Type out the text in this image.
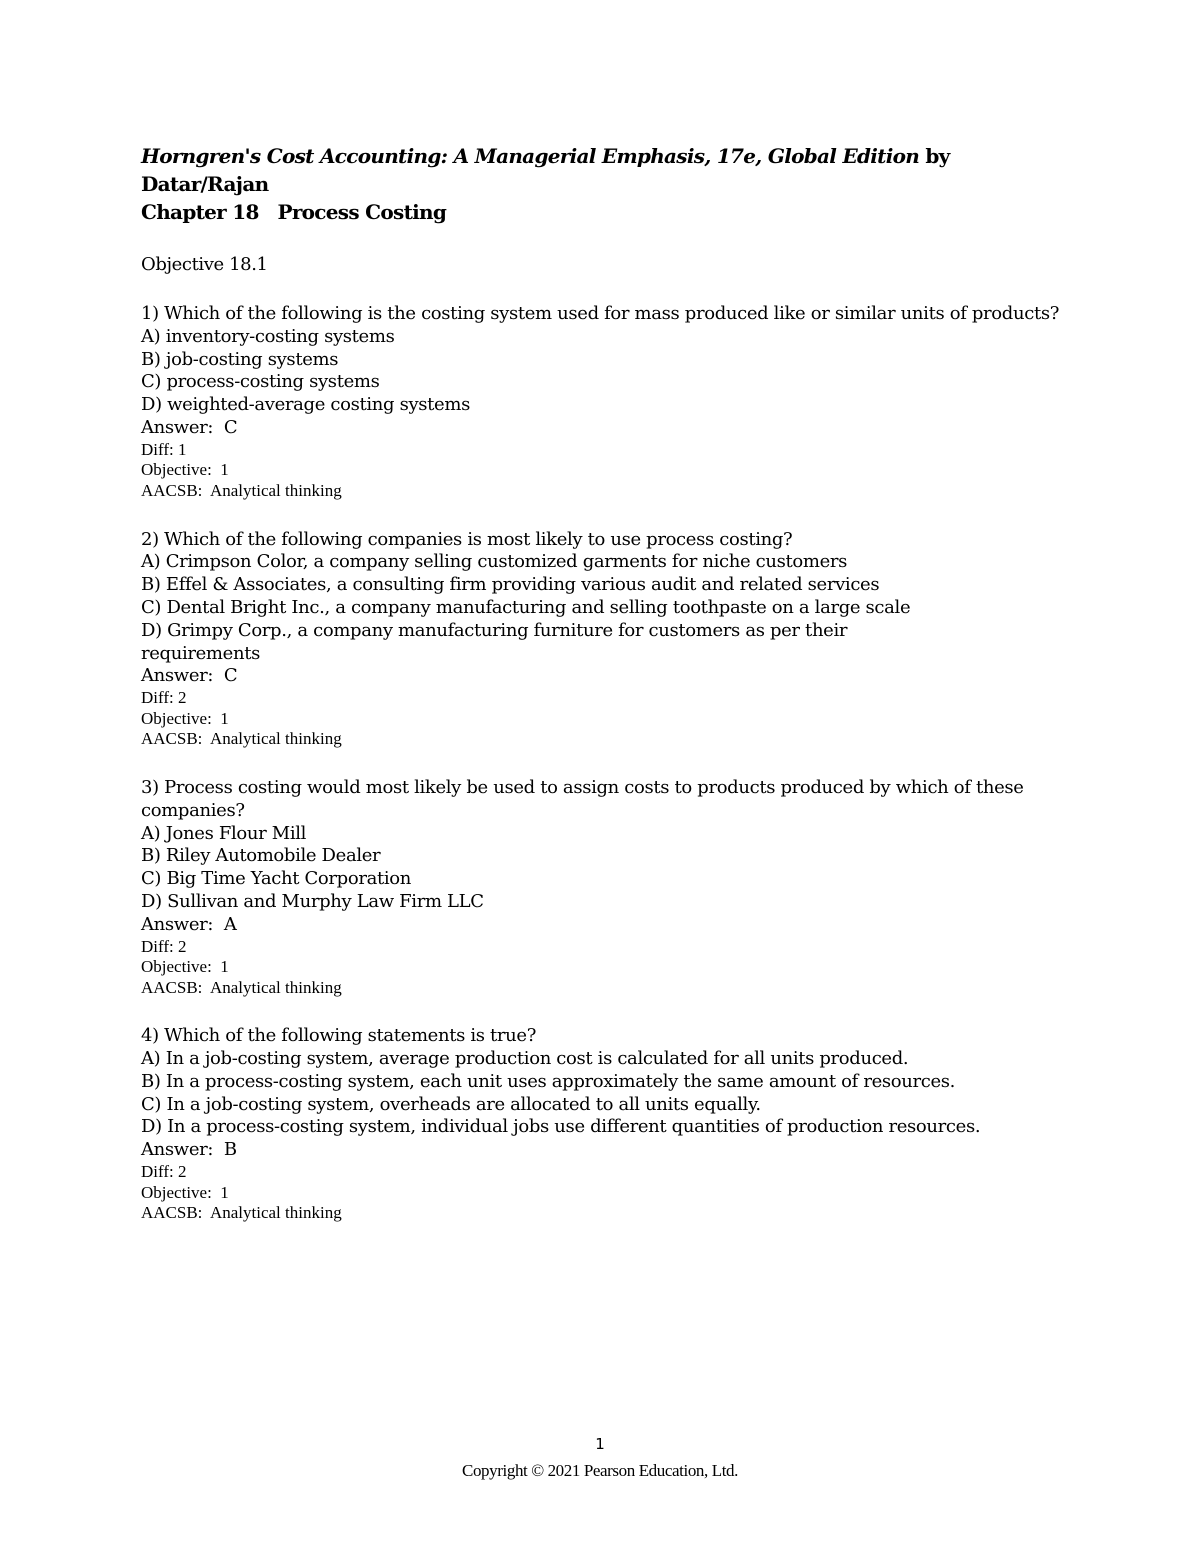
Horngren's Cost Accounting: A Managerial Emphasis, 17e, Global Edition by Datar/Rajan
Chapter 18   Process Costing
Objective 18.1
1) Which of the following is the costing system used for mass produced like or similar units of products?
A) inventory-costing systems
B) job-costing systems
C) process-costing systems
D) weighted-average costing systems
Answer:  C
Diff: 1
Objective:  1
AACSB:  Analytical thinking
2) Which of the following companies is most likely to use process costing?
A) Crimpson Color, a company selling customized garments for niche customers
B) Effel & Associates, a consulting firm providing various audit and related services
C) Dental Bright Inc., a company manufacturing and selling toothpaste on a large scale
D) Grimpy Corp., a company manufacturing furniture for customers as per their requirements
Answer:  C
Diff: 2
Objective:  1
AACSB:  Analytical thinking
3) Process costing would most likely be used to assign costs to products produced by which of these companies?
A) Jones Flour Mill
B) Riley Automobile Dealer
C) Big Time Yacht Corporation
D) Sullivan and Murphy Law Firm LLC
Answer:  A
Diff: 2
Objective:  1
AACSB:  Analytical thinking
4) Which of the following statements is true?
A) In a job-costing system, average production cost is calculated for all units produced.
B) In a process-costing system, each unit uses approximately the same amount of resources.
C) In a job-costing system, overheads are allocated to all units equally.
D) In a process-costing system, individual jobs use different quantities of production resources.
Answer:  B
Diff: 2
Objective:  1
AACSB:  Analytical thinking
1
Copyright © 2021 Pearson Education, Ltd.
